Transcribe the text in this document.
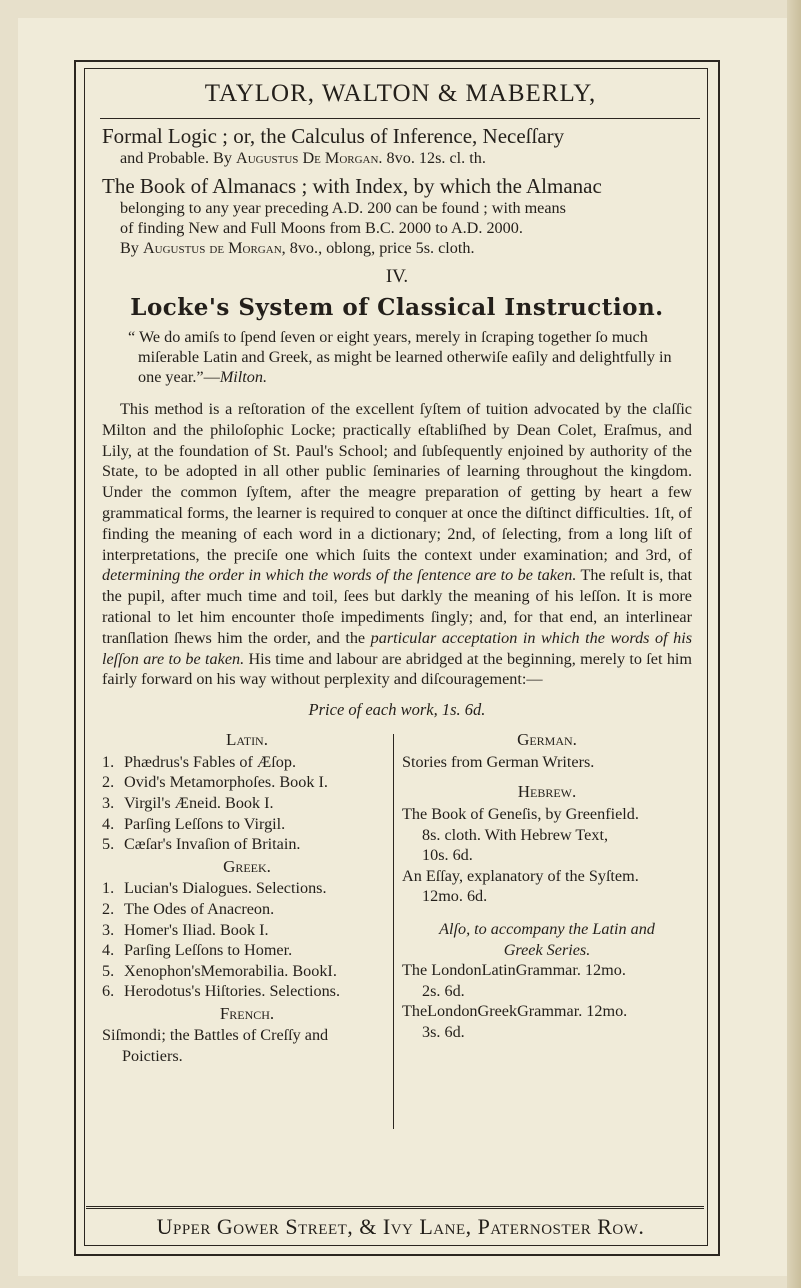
TAYLOR, WALTON & MABERLY,
Formal Logic ; or, the Calculus of Inference, Neceſſary
and Probable. By Augustus De Morgan. 8vo. 12s. cl. th.
The Book of Almanacs ; with Index, by which the Almanac
belonging to any year preceding A.D. 200 can be found ; with means
of finding New and Full Moons from B.C. 2000 to A.D. 2000.
By Augustus de Morgan, 8vo., oblong, price 5s. cloth.
IV.
Locke's System of Classical Instruction.
“ We do amiſs to ſpend ſeven or eight years, merely in ſcraping together ſo much miſerable Latin and Greek, as might be learned otherwiſe eaſily and delightfully in one year.”—Milton.

This method is a reſtoration of the excellent ſyſtem of tuition advocated by the claſſic Milton and the philoſophic Locke; practically eſtabliſhed by Dean Colet, Eraſmus, and Lily, at the foundation of St. Paul's School; and ſubſequently enjoined by authority of the State, to be adopted in all other public ſeminaries of learning throughout the kingdom. Under the common ſyſtem, after the meagre preparation of getting by heart a few grammatical forms, the learner is required to conquer at once the diſtinct difficulties. 1ſt, of finding the meaning of each word in a dictionary; 2nd, of ſelecting, from a long liſt of interpretations, the preciſe one which ſuits the context under examination; and 3rd, of determining the order in which the words of the ſentence are to be taken. The reſult is, that the pupil, after much time and toil, ſees but darkly the meaning of his leſſon. It is more rational to let him encounter thoſe impediments ſingly; and, for that end, an interlinear tranſlation ſhews him the order, and the particular acceptation in which the words of his leſſon are to be taken. His time and labour are abridged at the beginning, merely to ſet him fairly forward on his way without perplexity and diſcouragement:—

Price of each work, 1s. 6d.
Latin.
1. Phædrus's Fables of Æſop.
2. Ovid's Metamorphoſes. Book I.
3. Virgil's Æneid. Book I.
4. Parſing Leſſons to Virgil.
5. Cæſar's Invaſion of Britain.
Greek.
1. Lucian's Dialogues. Selections.
2. The Odes of Anacreon.
3. Homer's Iliad. Book I.
4. Parſing Leſſons to Homer.
5. Xenophon'sMemorabilia. BookI.
6. Herodotus's Hiſtories. Selections.
French.
Siſmondi; the Battles of Creſſy and
Poictiers.
German.
Stories from German Writers.
Hebrew.
The Book of Geneſis, by Greenfield.
8s. cloth. With Hebrew Text,
10s. 6d.
An Eſſay, explanatory of the Syſtem.
12mo. 6d.
Alſo, to accompany the Latin and
Greek Series.
The LondonLatinGrammar. 12mo.
2s. 6d.
TheLondonGreekGrammar. 12mo.
3s. 6d.
Upper Gower Street, & Ivy Lane, Paternoster Row.
